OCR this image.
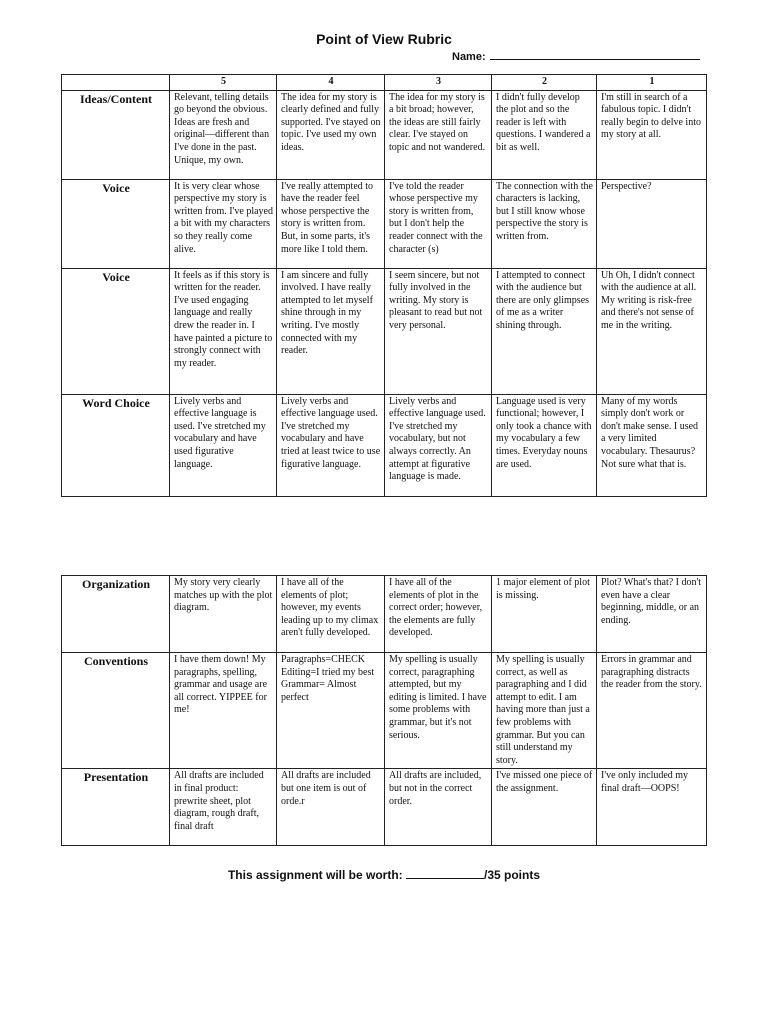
Point of View Rubric
Name:
	5	4	3	2	1
Ideas/Content	Relevant, telling details go beyond the obvious. Ideas are fresh and original—different than I've done in the past. Unique, my own.	The idea for my story is clearly defined and fully supported. I've stayed on topic. I've used my own ideas.	The idea for my story is a bit broad; however, the ideas are still fairly clear. I've stayed on topic and not wandered.	I didn't fully develop the plot and so the reader is left with questions. I wandered a bit as well.	I'm still in search of a fabulous topic. I didn't really begin to delve into my story at all.
Voice	It is very clear whose perspective my story is written from. I've played a bit with my characters so they really come alive.	I've really attempted to have the reader feel whose perspective the story is written from. But, in some parts, it's more like I told them.	I've told the reader whose perspective my story is written from, but I don't help the reader connect with the character (s)	The connection with the characters is lacking, but I still know whose perspective the story is written from.	Perspective?
Voice	It feels as if this story is written for the reader. I've used engaging language and really drew the reader in. I have painted a picture to strongly connect with my reader.	I am sincere and fully involved. I have really attempted to let myself shine through in my writing. I've mostly connected with my reader.	I seem sincere, but not fully involved in the writing. My story is pleasant to read but not very personal.	I attempted to connect with the audience but there are only glimpses of me as a writer shining through.	Uh Oh, I didn't connect with the audience at all. My writing is risk-free and there's not sense of me in the writing.
Word Choice	Lively verbs and effective language is used. I've stretched my vocabulary and have used figurative language.	Lively verbs and effective language used. I've stretched my vocabulary and have tried at least twice to use figurative language.	Lively verbs and effective language used. I've stretched my vocabulary, but not always correctly. An attempt at figurative language is made.	Language used is very functional; however, I only took a chance with my vocabulary a few times. Everyday nouns are used.	Many of my words simply don't work or don't make sense. I used a very limited vocabulary. Thesaurus? Not sure what that is.
Organization	My story very clearly matches up with the plot diagram.	I have all of the elements of plot; however, my events leading up to my climax aren't fully developed.	I have all of the elements of plot in the correct order; however, the elements are fully developed.	1 major element of plot is missing.	Plot? What's that? I don't even have a clear beginning, middle, or an ending.
Conventions	I have them down! My paragraphs, spelling, grammar and usage are all correct. YIPPEE for me!	Paragraphs=CHECK Editing=I tried my best Grammar= Almost perfect	My spelling is usually correct, paragraphing attempted, but my editing is limited. I have some problems with grammar, but it's not serious.	My spelling is usually correct, as well as paragraphing and I did attempt to edit. I am having more than just a few problems with grammar. But you can still understand my story.	Errors in grammar and paragraphing distracts the reader from the story.
Presentation	All drafts are included in final product: prewrite sheet, plot diagram, rough draft, final draft	All drafts are included but one item is out of orde.r	All drafts are included, but not in the correct order.	I've missed one piece of the assignment.	I've only included my final draft—OOPS!
This assignment will be worth:	/35 points
